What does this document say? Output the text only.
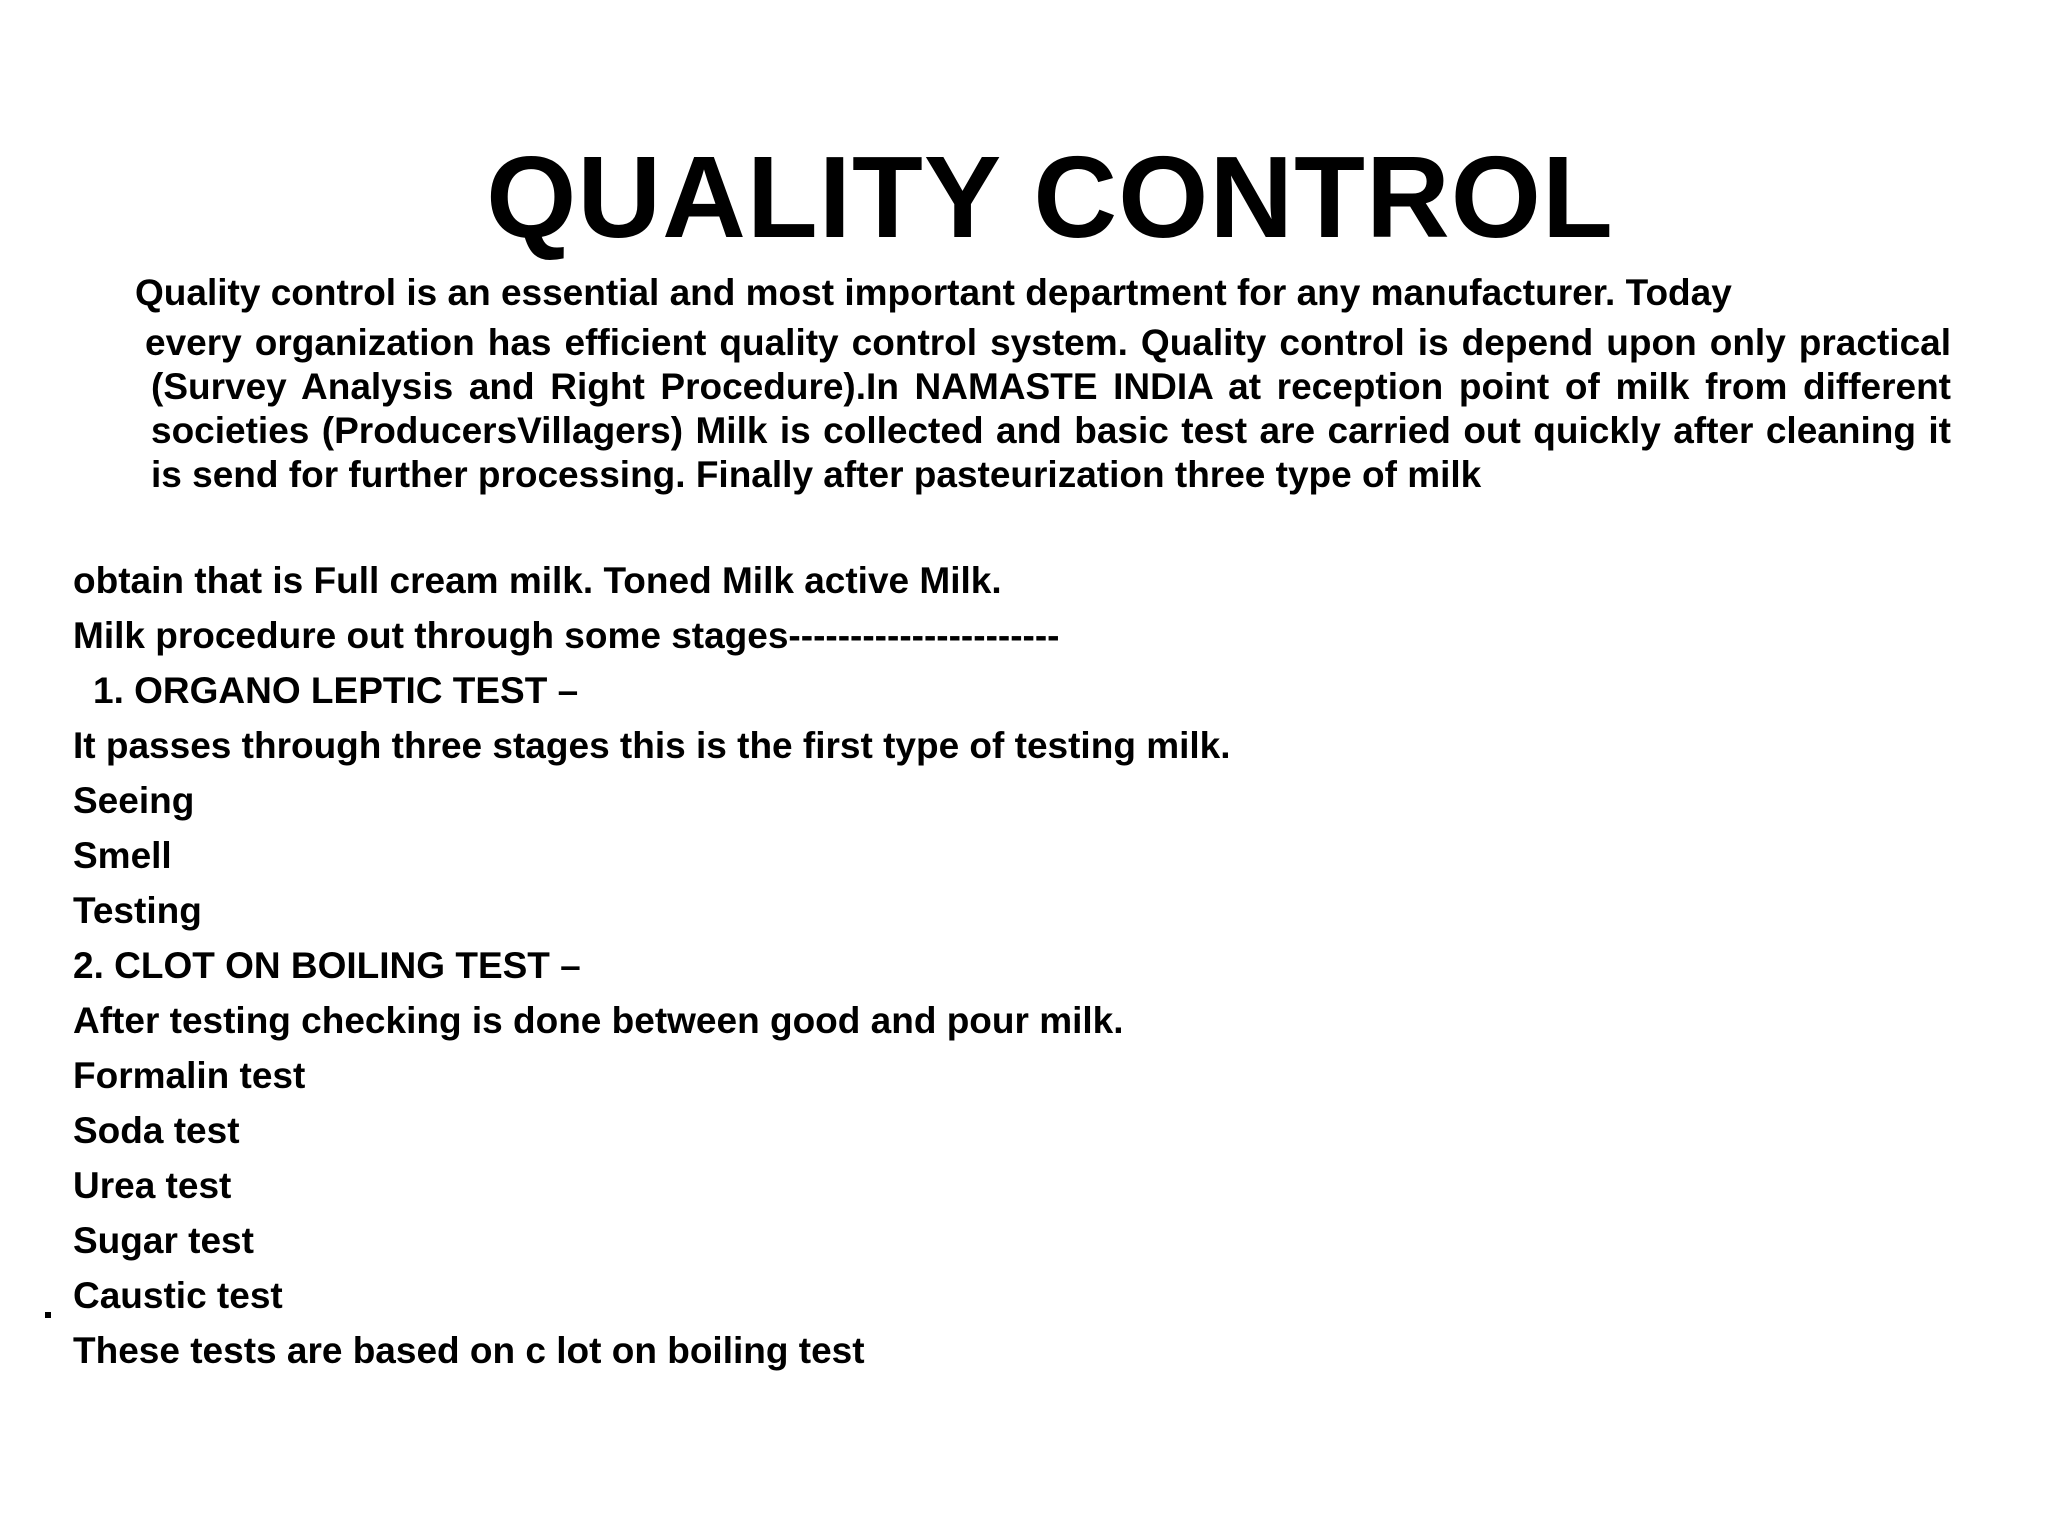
QUALITY CONTROL
Quality control is an essential and most important department for any manufacturer. Today
every organization has efficient quality control system. Quality control is depend upon only practical (Survey Analysis and Right Procedure).In NAMASTE INDIA at reception point of milk from different societies (ProducersVillagers) Milk is collected and basic test are carried out quickly after cleaning it is send for further processing. Finally after pasteurization three type of milk
obtain that is Full cream milk. Toned Milk active Milk.
Milk procedure out through some stages----------------------
1. ORGANO LEPTIC TEST –
It passes through three stages this is the first type of testing milk.
Seeing
Smell
Testing
2. CLOT ON BOILING TEST –
After testing checking is done between good and pour milk.
Formalin test
Soda test
Urea test
Sugar test
Caustic test
These tests are based on c lot on boiling test
